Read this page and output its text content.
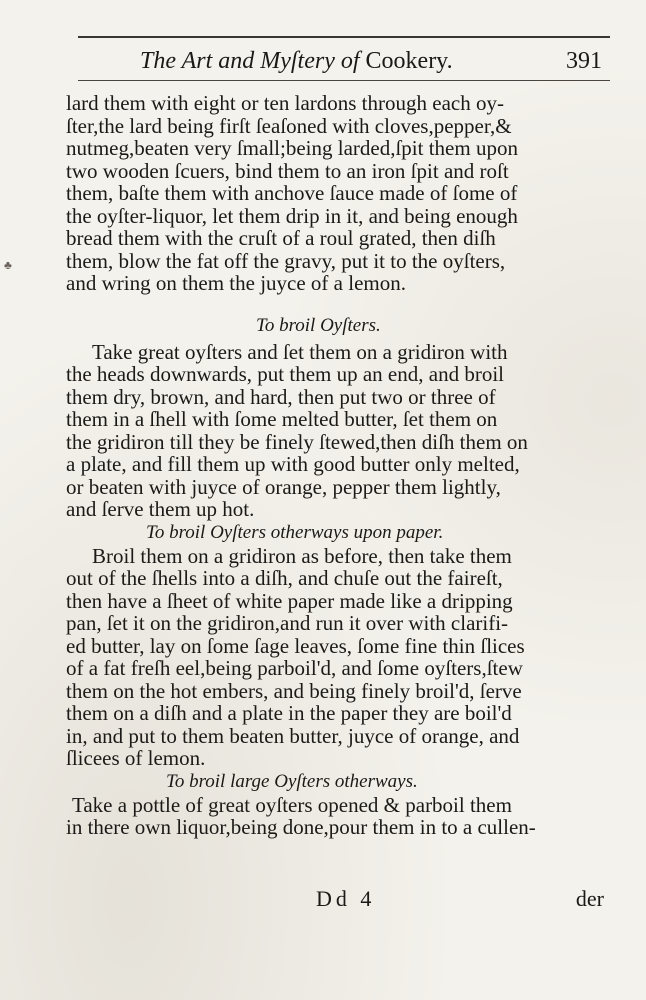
The Art and Myſtery of Cookery.	391
♣
lard them with eight or ten lardons through each oy-
ſter,the lard being firſt ſeaſoned with cloves,pepper,&
nutmeg,beaten very ſmall;being larded,ſpit them upon
two wooden ſcuers, bind them to an iron ſpit and roſt
them, baſte them with anchove ſauce made of ſome of
the oyſter-liquor, let them drip in it, and being enough
bread them with the cruſt of a roul grated, then diſh
them, blow the fat off the gravy, put it to the oyſters,
and wring on them the juyce of a lemon.
To broil Oyſters.
Take great oyſters and ſet them on a gridiron with
the heads downwards, put them up an end, and broil
them dry, brown, and hard, then put two or three of
them in a ſhell with ſome melted butter, ſet them on
the gridiron till they be finely ſtewed,then diſh them on
a plate, and fill them up with good butter only melted,
or beaten with juyce of orange, pepper them lightly,
and ſerve them up hot.
To broil Oyſters otherways upon paper.
Broil them on a gridiron as before, then take them
out of the ſhells into a diſh, and chuſe out the faireſt,
then have a ſheet of white paper made like a dripping
pan, ſet it on the gridiron,and run it over with clarifi-
ed butter, lay on ſome ſage leaves, ſome fine thin ſlices
of a fat freſh eel,being parboil'd, and ſome oyſters,ſtew
them on the hot embers, and being finely broil'd, ſerve
them on a diſh and a plate in the paper they are boil'd
in, and put to them beaten butter, juyce of orange, and
ſlicees of lemon.
To broil large Oyſters otherways.
Take a pottle of great oyſters opened & parboil them
in there own liquor,being done,pour them in to a cullen-
Dd 4	der
